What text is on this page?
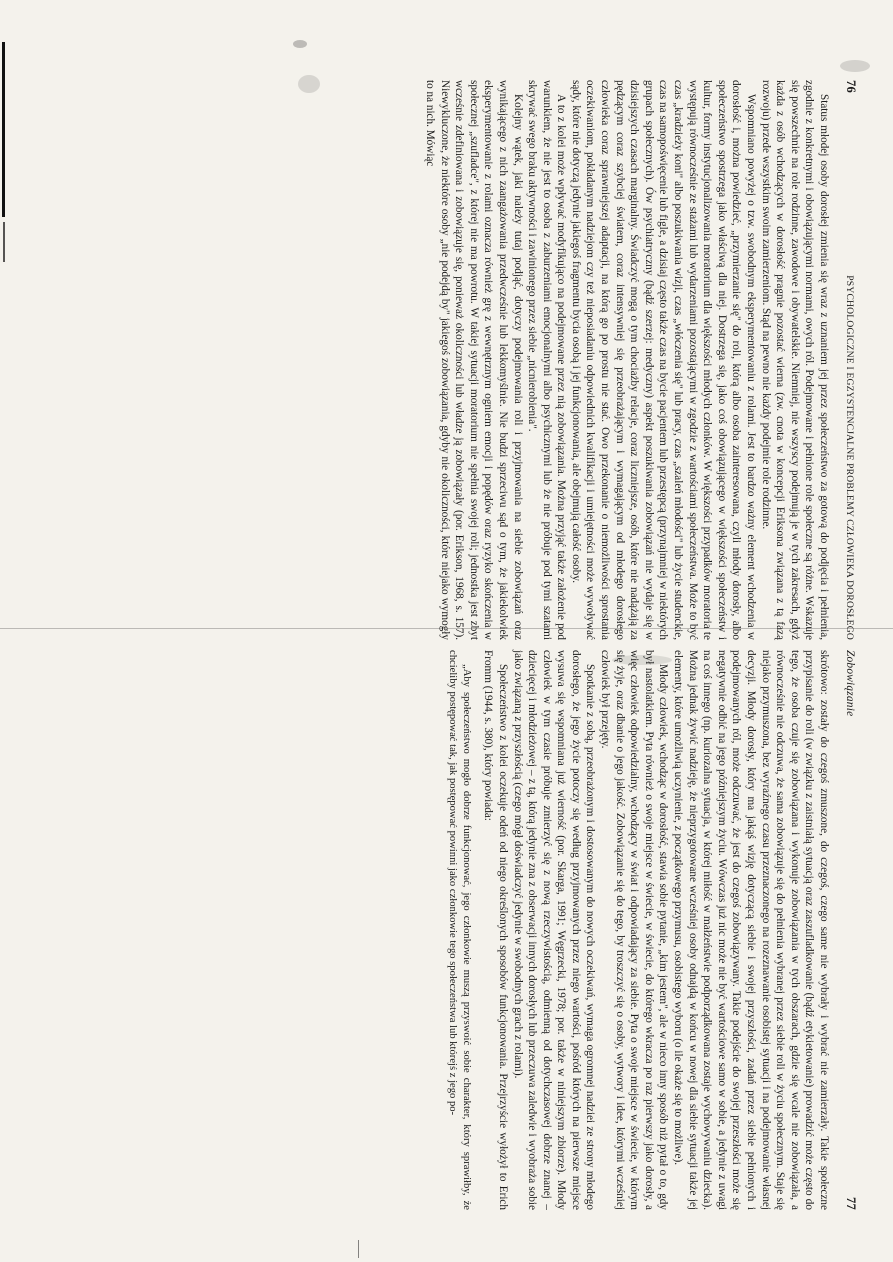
76
PSYCHOLOGICZNE I EGZYSTENCJALNE PROBLEMY CZŁOWIEKA DOROSŁEGO

Status młodej osoby dorosłej zmienia się wraz z uznaniem jej przez społeczeństwo za gotową do podjęcia i pełnienia, zgodnie z konkretnymi i obowiązującymi normami, owych ról. Podejmowane i pełnione role społeczne są różne. Wskazuje się powszechnie na role rodzinne, zawodowe i obywatelskie. Niemniej, nie wszyscy podejmują je w tych zakresach, gdyż każda z osób wchodzących w dorosłość pragnie pozostać wierna (zw. cnota w koncepcji Eriksona związana z tą fazą rozwoju) przede wszystkim swoim zamierzeniom. Stąd na pewno nie każdy podejmie role rodzinne.

Wspomniano powyżej o tzw. swobodnym eksperymentowaniu z rolami. Jest to bardzo ważny element wchodzenia w dorosłość i, można powiedzieć, „przymierzanie się" do roli, którą albo osoba zainteresowana, czyli młody dorosły, albo społeczeństwo spostrzega jako właściwą dla niej. Dostrzega się, jako coś obowiązującego w większości społeczeństw i kultur, formy instytucjonalizowania moratorium dla większości młodych członków. W większości przypadków moratoria te występują równocześnie ze stażami lub wydarzeniami pozostającymi w zgodzie z wartościami społeczeństwa. Może to być czas „kradzieży koni" albo poszukiwania wizji, czas „włóczenia się" lub pracy, czas „szaleń młodości" lub życie studenckie, czas na samopoświęcenie lub figle, a dzisiaj często także czas na bycie pacjentem lub przestępcą (przynajmniej w niektórych grupach społecznych). Ów psychiatryczny (bądź szerzej: medyczny) aspekt poszukiwania zobowiązań nie wydaje się w dzisiejszych czasach marginalny. Świadczyć mogą o tym chociażby relacje, coraz liczniejsze, osób, które nie nadążają za pędzącym coraz szybciej światem, coraz intensywniej się przeobrażającym i wymagającym od młodego dorosłego człowieka coraz sprawniejszej adaptacji, na którą go po prostu nie stać. Owo przekonanie o niemożliwości sprostania oczekiwaniom, pokładanym nadziejom czy też nieposiadaniu odpowiednich kwalifikacji i umiejętności może wywoływać sądy, które nie dotyczą jedynie jakiegoś fragmentu bycia osobą i jej funkcjonowania, ale obejmują całość osoby.

A to z kolei może wpływać modyfikująco na podejmowane przez nią zobowiązania. Można przyjąć także założenie pod warunkiem, że nie jest to osoba z zaburzeniami emocjonalnymi albo psychicznymi lub że nie próbuje pod tymi szatami skrywać swego braku aktywności i zawinionego przez siebie „nicnierobienia".

Kolejny wątek, jaki należy tutaj podjąć, dotyczy podejmowania roli i przyjmowania na siebie zobowiązań oraz wynikającego z nich zaangażowania przedwcześnie lub lekkomyślnie. Nie budzi sprzeciwu sąd o tym, że jakiekolwiek eksperymentowanie z rolami oznacza również grę z wewnętrznym ogniem emocji i popędów oraz ryzyko skończenia w społecznej „szufladce", z której nie ma powrotu. W takiej sytuacji moratorium nie spełnia swojej roli; jednostka jest zbyt wcześnie zdefiniowana i zobowiązuje się, ponieważ okoliczności lub władze ją zobowiązały (por. Erikson, 1968, s. 157). Niewykluczone, że niektóre osoby „nie podejdą by" jakiegoś zobowiązania, gdyby nie okoliczności, które niejako wymogły to na nich. Mówiąc

Zobowiązanie
77

skrótowo: zostały do czegoś zmuszone, do czegoś, czego same nie wybrały i wybrać nie zamierzały. Takie społeczne przypisanie do roli (w związku z zaistniałą sytuacją oraz zaszufladkowanie (bądź etykietowanie) prowadzić może często do tego, że osoba czuje się zobowiązana i wykonuje zobowiązania w tych obszarach, gdzie się wcale nie zobowiązała, a równocześnie nie odczuwa, że sama zobowiązuje się do pełnienia wybranej przez siebie roli w życiu społecznym. Staje się niejako przymuszona, bez wyraźnego czasu przeznaczonego na rozeznawanie osobistej sytuacji i na podejmowanie własnej decyzji. Młody dorosły, który ma jakąś wizję dotyczącą siebie i swojej przyszłości, zadań przez siebie pełnionych i podejmowanych ról, może odczuwać, że jest do czegoś zobowiązywany. Takie podejście do swojej przeszłości może się negatywnie odbić na jego późniejszym życiu. Wówczas już nic może nie być wartościowe samo w sobie, a jedynie z uwagi na coś innego (np. kuriozalna sytuacja, w której miłość w małżeństwie podporządkowana zostaje wychowywaniu dziecka). Można jednak żywić nadzieję, że nieprzygotowane wcześniej osoby odnajdą w końcu w nowej dla siebie sytuacji także jej elementy, które umożliwią uczynienie, z początkowego przymusu, osobistego wyboru (o ile okaże się to możliwe).

Młody człowiek, wchodząc w dorosłość, stawia sobie pytanie, „kim jestem", ale w nieco inny sposób niż pytał o to, gdy był nastolatkiem. Pyta również o swoje miejsce w świecie, w świecie, do którego wkracza po raz pierwszy jako dorosły, a więc człowiek odpowiedzialny, wchodzący w świat i odpowiadający za siebie. Pyta o swoje miejsce w świecie, w którym się żyje, oraz dbanie o jego jakość. Zobowiązanie się do tego, by troszczyć się o osoby, wytwory i idee, którymi wcześniej człowiek był przejęty.

Spotkanie z sobą, przeobrażonym i dostosowanym do nowych oczekiwań, wymaga ogromnej nadziei ze strony młodego dorosłego, że jego życie potoczy się według przyjmowanych przez niego wartości, pośród których na pierwsze miejsce wysuwa się wspomniana już wierność (por. Skarga, 1991; Węgrzecki, 1978; por. także w niniejszym zbiorze). Młody człowiek w tym czasie próbuje zmierzyć się z nową rzeczywistością, odmienną od dotychczasowej dobrze znanej – dziecięcej i młodzieżowej – z tą, którą jedynie zna z obserwacji innych dorosłych lub przeczuwa zaledwie i wyobraża sobie jako związaną z przyszłością (czego mógł doświadczyć jedynie w swobodnych grach z rolami).

Społeczeństwo z kolei oczekuje odeń od niego określonych sposobów funkcjonowania. Przejrzyście wyłożył to Erich Fromm (1944, s. 380), który powiada:

„Aby społeczeństwo mogło dobrze funkcjonować, jego członkowie muszą przyswoić sobie charakter, który sprawiłby, że chcieliby postępować tak, jak postępować powinni jako członkowie tego społeczeństwa lub którejś z jego po-
